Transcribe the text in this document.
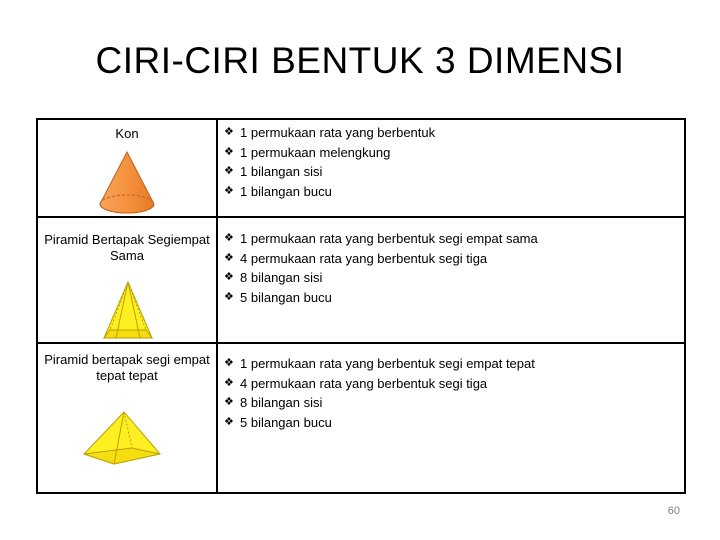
CIRI-CIRI BENTUK 3 DIMENSI
Kon	❖ 1 permukaan rata yang berbentuk
❖ 1 permukaan melengkung
❖ 1 bilangan sisi
❖ 1 bilangan bucu
Piramid Bertapak Segiempat Sama
❖ 1 permukaan rata yang berbentuk segi empat sama
❖ 4 permukaan rata yang berbentuk segi tiga
❖ 8 bilangan sisi
❖ 5 bilangan bucu
Piramid bertapak segi empat tepat tepat
❖ 1 permukaan rata yang berbentuk segi empat tepat
❖ 4 permukaan rata yang berbentuk segi tiga
❖ 8 bilangan sisi
❖ 5 bilangan bucu
60
